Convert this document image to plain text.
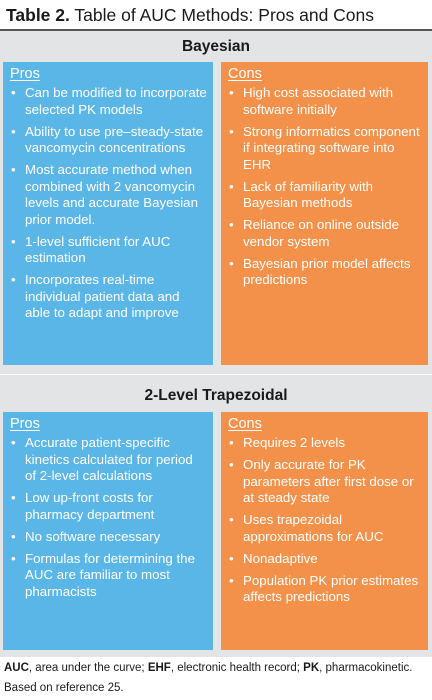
Table 2. Table of AUC Methods: Pros and Cons
Bayesian
Pros
• Can be modified to incorporate selected PK models
• Ability to use pre–steady-state vancomycin concentrations
• Most accurate method when combined with 2 vancomycin levels and accurate Bayesian prior model.
• 1-level sufficient for AUC estimation
• Incorporates real-time individual patient data and able to adapt and improve
Cons
• High cost associated with software initially
• Strong informatics component if integrating software into EHR
• Lack of familiarity with Bayesian methods
• Reliance on online outside vendor system
• Bayesian prior model affects predictions
2-Level Trapezoidal
Pros
• Accurate patient-specific kinetics calculated for period of 2-level calculations
• Low up-front costs for pharmacy department
• No software necessary
• Formulas for determining the AUC are familiar to most pharmacists
Cons
• Requires 2 levels
• Only accurate for PK parameters after first dose or at steady state
• Uses trapezoidal approximations for AUC
• Nonadaptive
• Population PK prior estimates affects predictions
AUC, area under the curve; EHF, electronic health record; PK, pharmacokinetic.
Based on reference 25.
